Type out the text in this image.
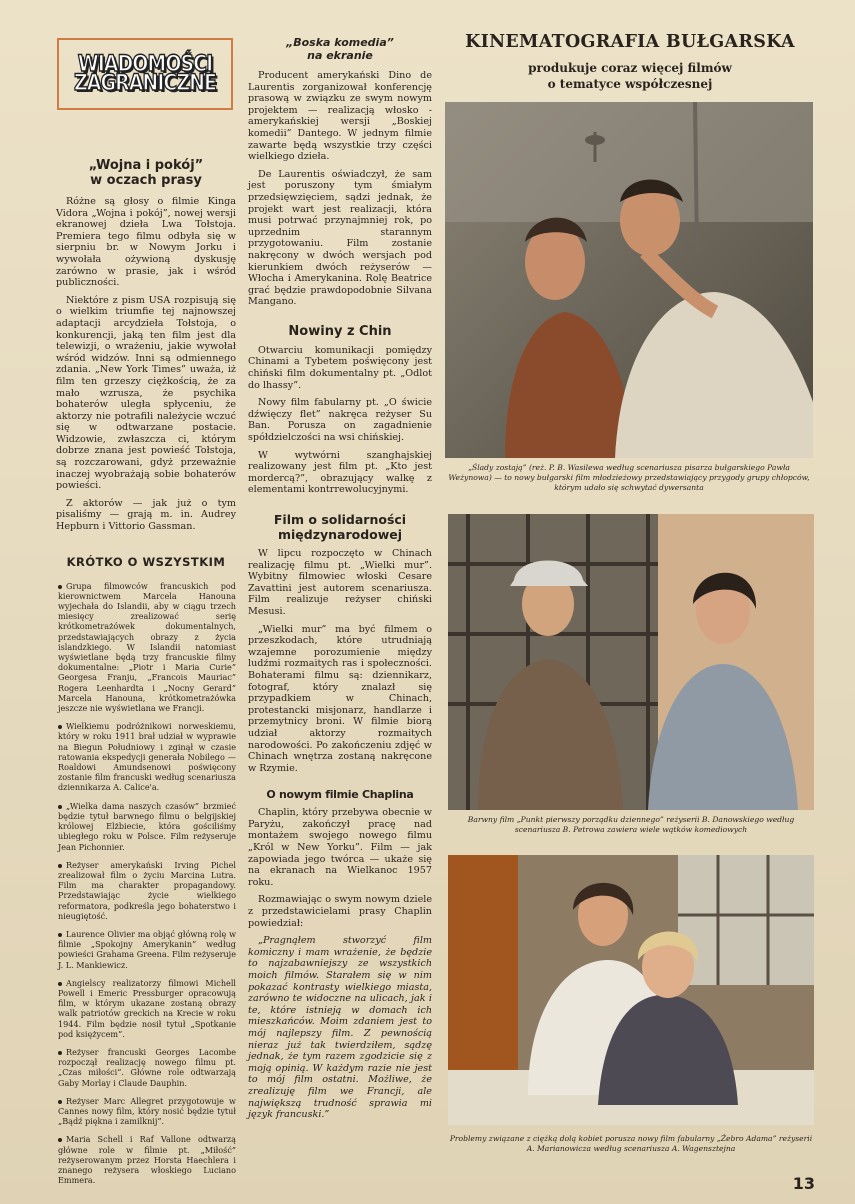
WIADOMOŚCI
ZAGRANICZNE
„Wojna i pokój”
w oczach prasy

Różne są głosy o filmie Kinga Vidora „Wojna i pokój”, nowej wersji ekranowej dzieła Lwa Tołstoja. Premiera tego filmu odbyła się w sierpniu br. w Nowym Jorku i wywołała ożywioną dyskusję zarówno w prasie, jak i wśród publiczności.

Niektóre z pism USA rozpisują się o wielkim triumfie tej najnowszej adaptacji arcydzieła Tołstoja, o konkurencji, jaką ten film jest dla telewizji, o wrażeniu, jakie wywołał wśród widzów. Inni są odmiennego zdania. „New York Times” uważa, iż film ten grzeszy ciężkością, że za mało wzrusza, że psychika bohaterów uległa spłyceniu, że aktorzy nie potrafili należycie wczuć się w odtwarzane postacie. Widzowie, zwłaszcza ci, którym dobrze znana jest powieść Tołstoja, są rozczarowani, gdyż przeważnie inaczej wyobrażają sobie bohaterów powieści.

Z aktorów — jak już o tym pisaliśmy — grają m. in. Audrey Hepburn i Vittorio Gassman.

KRÓTKO O WSZYSTKIM

Grupa filmowców francuskich pod kierownictwem Marcela Hanouna wyjechała do Islandii, aby w ciągu trzech miesięcy zrealizować serię krótkometrażówek dokumentalnych, przedstawiających obrazy z życia islandzkiego. W Islandii natomiast wyświetlane będą trzy francuskie filmy dokumentalne: „Piotr i Maria Curie” Georgesa Franju, „Francois Mauriac” Rogera Leenhardta i „Nocny Gerard” Marcela Hanouna, krótkometrażówka jeszcze nie wyświetlana we Francji.

Wielkiemu podróżnikowi norweskiemu, który w roku 1911 brał udział w wyprawie na Biegun Południowy i zginął w czasie ratowania ekspedycji generała Nobilego — Roaldowi Amundsenowi poświęcony zostanie film francuski według scenariusza dziennikarza A. Calice'a.

„Wielka dama naszych czasów” brzmieć będzie tytuł barwnego filmu o belgijskiej królowej Elżbiecie, która gościliśmy ubiegłego roku w Polsce. Film reżyseruje Jean Pichonnier.

Reżyser amerykański Irving Pichel zrealizował film o życiu Marcina Lutra. Film ma charakter propagandowy. Przedstawiając życie wielkiego reformatora, podkreśla jego bohaterstwo i nieugiętość.

Laurence Olivier ma objąć główną rolę w filmie „Spokojny Amerykanin” według powieści Grahama Greena. Film reżyseruje J. L. Mankiewicz.

Angielscy realizatorzy filmowi Michell Powell i Emeric Pressburger opracowują film, w którym ukazane zostaną obrazy walk patriotów greckich na Krecie w roku 1944. Film będzie nosił tytuł „Spotkanie pod księżycem”.

Reżyser francuski Georges Lacombe rozpoczął realizację nowego filmu pt. „Czas miłości”. Główne role odtwarzają Gaby Morlay i Claude Dauphin.

Reżyser Marc Allegret przygotowuje w Cannes nowy film, który nosić będzie tytuł „Bądź piękna i zamilknij”.

Maria Schell i Raf Vallone odtwarzą główne role w filmie pt. „Miłość” reżyserowanym przez Horsta Haechlera i znanego reżysera włoskiego Luciano Emmera.

„Boska komedia”
na ekranie

Producent amerykański Dino de Laurentis zorganizował konferencję prasową w związku ze swym nowym projektem — realizacją włosko - amerykańskiej wersji „Boskiej komedii” Dantego. W jednym filmie zawarte będą wszystkie trzy części wielkiego dzieła.

De Laurentis oświadczył, że sam jest poruszony tym śmiałym przedsięwzięciem, sądzi jednak, że projekt wart jest realizacji, która musi potrwać przynajmniej rok, po uprzednim starannym przygotowaniu. Film zostanie nakręcony w dwóch wersjach pod kierunkiem dwóch reżyserów — Włocha i Amerykanina. Rolę Beatrice grać będzie prawdopodobnie Silvana Mangano.

Nowiny z Chin

Otwarciu komunikacji pomiędzy Chinami a Tybetem poświęcony jest chiński film dokumentalny pt. „Odlot do lhassy”.

Nowy film fabularny pt. „O świcie dźwięczy flet” nakręca reżyser Su Ban. Porusza on zagadnienie spółdzielczości na wsi chińskiej.

W wytwórni szanghajskiej realizowany jest film pt. „Kto jest mordercą?”, obrazujący walkę z elementami kontrrewolucyjnymi.

Film o solidarności
międzynarodowej

W lipcu rozpoczęto w Chinach realizację filmu pt. „Wielki mur”. Wybitny filmowiec włoski Cesare Zavattini jest autorem scenariusza. Film realizuje reżyser chiński Mesusi.

„Wielki mur” ma być filmem o przeszkodach, które utrudniają wzajemne porozumienie między ludźmi rozmaitych ras i społeczności. Bohaterami filmu są: dziennikarz, fotograf, który znalazł się przypadkiem w Chinach, protestancki misjonarz, handlarze i przemytnicy broni. W filmie biorą udział aktorzy rozmaitych narodowości. Po zakończeniu zdjęć w Chinach wnętrza zostaną nakręcone w Rzymie.

O nowym filmie Chaplina

Chaplin, który przebywa obecnie w Paryżu, zakończył pracę nad montażem swojego nowego filmu „Król w New Yorku”. Film — jak zapowiada jego twórca — ukaże się na ekranach na Wielkanoc 1957 roku.

Rozmawiając o swym nowym dziele z przedstawicielami prasy Chaplin powiedział:

„Pragnąłem stworzyć film komiczny i mam wrażenie, że będzie to najzabawniejszy ze wszystkich moich filmów. Starałem się w nim pokazać kontrasty wielkiego miasta, zarówno te widoczne na ulicach, jak i te, które istnieją w domach ich mieszkańców. Moim zdaniem jest to mój najlepszy film. Z pewnością nieraz już tak twierdziłem, sądzę jednak, że tym razem zgodzicie się z moją opinią. W każdym razie nie jest to mój film ostatni. Możliwe, że zrealizuję film we Francji, ale największą trudność sprawia mi język francuski.”

KINEMATOGRAFIA BUŁGARSKA
produkuje coraz więcej filmów
o tematyce współczesnej
„Ślady zostają” (reż. P. B. Wasilewa według scenariusza pisarza bułgarskiego Pawła Weżynowa) — to nowy bułgarski film młodzieżowy przedstawiający przygody grupy chłopców, którym udało się schwytać dywersanta
Barwny film „Punkt pierwszy porządku dziennego” reżyserii B. Danowskiego według scenariusza B. Petrowa zawiera wiele wątków komediowych
Problemy związane z ciężką dolą kobiet porusza nowy film fabularny „Żebro Adama” reżyserii A. Marianowicza według scenariusza A. Wagensztejna
13
